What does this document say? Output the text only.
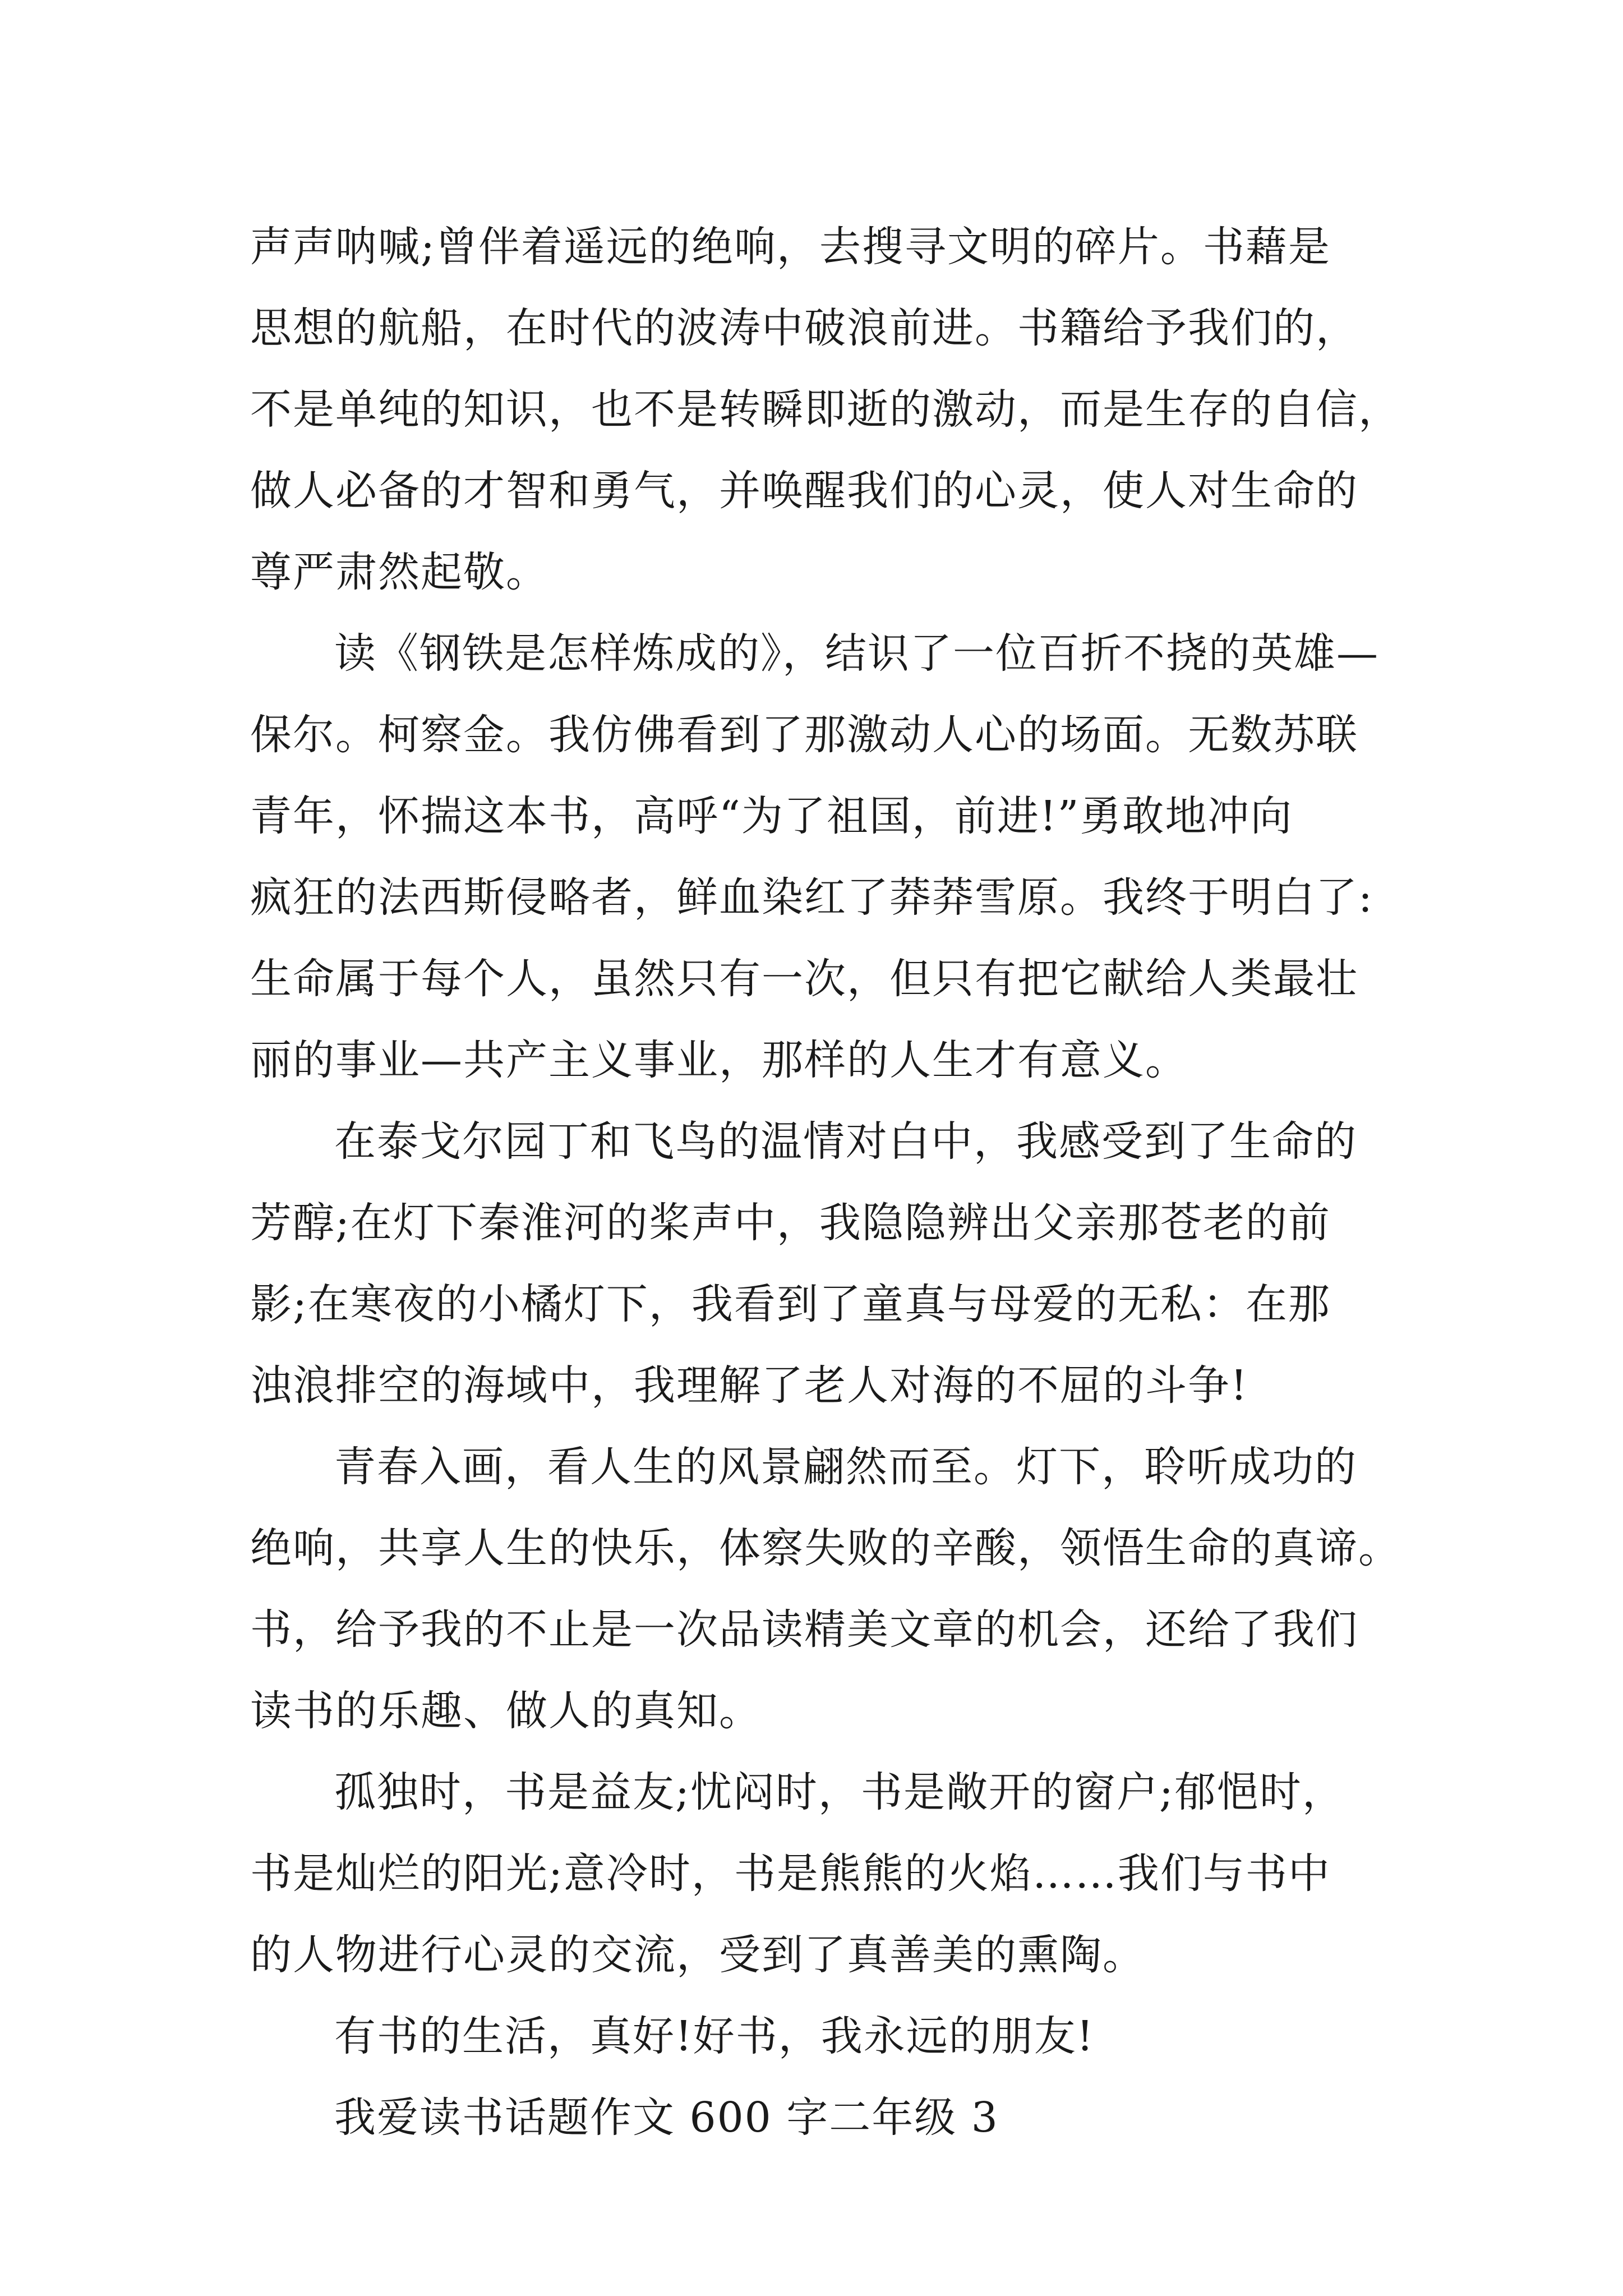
声声呐喊;曾伴着遥远的绝响，去搜寻文明的碎片。书藉是
思想的航船，在时代的波涛中破浪前进。书籍给予我们的，
不是单纯的知识，也不是转瞬即逝的激动，而是生存的自信，
做人必备的才智和勇气，并唤醒我们的心灵，使人对生命的
尊严肃然起敬。
读《钢铁是怎样炼成的》，结识了一位百折不挠的英雄—
保尔。柯察金。我仿佛看到了那激动人心的场面。无数苏联
青年，怀揣这本书，高呼“为了祖国，前进!”勇敢地冲向
疯狂的法西斯侵略者，鲜血染红了莽莽雪原。我终于明白了:
生命属于每个人，虽然只有一次，但只有把它献给人类最壮
丽的事业—共产主义事业，那样的人生才有意义。
在泰戈尔园丁和飞鸟的温情对白中，我感受到了生命的
芳醇;在灯下秦淮河的桨声中，我隐隐辨出父亲那苍老的前
影;在寒夜的小橘灯下，我看到了童真与母爱的无私：在那
浊浪排空的海域中，我理解了老人对海的不屈的斗争!
青春入画，看人生的风景翩然而至。灯下，聆听成功的
绝响，共享人生的快乐，体察失败的辛酸，领悟生命的真谛。
书，给予我的不止是一次品读精美文章的机会，还给了我们
读书的乐趣、做人的真知。
孤独时，书是益友;忧闷时，书是敞开的窗户;郁悒时，
书是灿烂的阳光;意冷时，书是熊熊的火焰……我们与书中
的人物进行心灵的交流，受到了真善美的熏陶。
有书的生活，真好!好书，我永远的朋友!
我爱读书话题作文 600 字二年级 3
